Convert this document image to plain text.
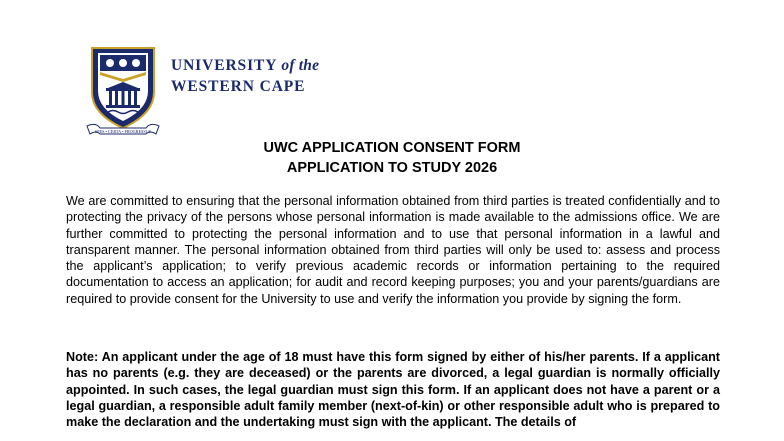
SPES • CERTA • PROGRESSUS
UNIVERSITY of the
WESTERN CAPE
UWC APPLICATION CONSENT FORM
APPLICATION TO STUDY 2026

We are committed to ensuring that the personal information obtained from third parties is treated confidentially and to protecting the privacy of the persons whose personal information is made available to the admissions office. We are further committed to protecting the personal information and to use that personal information in a lawful and transparent manner. The personal information obtained from third parties will only be used to: assess and process the applicant’s application; to verify previous academic records or information pertaining to the required documentation to access an application; for audit and record keeping purposes; you and your parents/guardians are required to provide consent for the University to use and verify the information you provide by signing the form.

Note: An applicant under the age of 18 must have this form signed by either of his/her parents. If a applicant has no parents (e.g. they are deceased) or the parents are divorced, a legal guardian is normally officially appointed. In such cases, the legal guardian must sign this form. If an applicant does not have a parent or a legal guardian, a responsible adult family member (next-of-kin) or other responsible adult who is prepared to make the declaration and the undertaking must sign with the applicant. The details of
